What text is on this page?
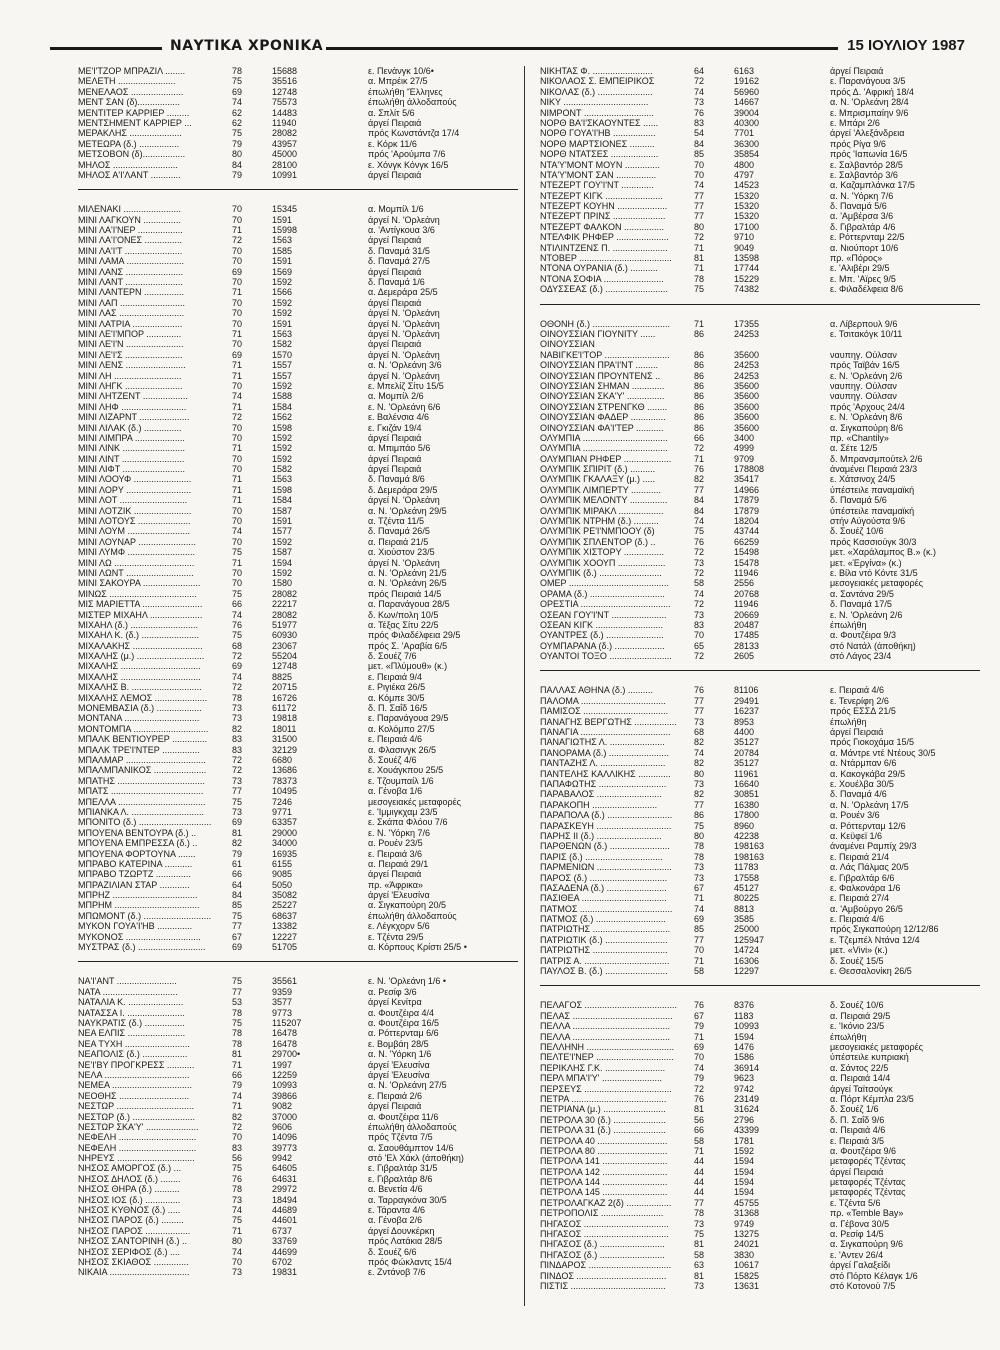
ΝΑΥΤΙΚΑ ΧΡΟΝΙΚΑ	15 ΙΟΥΛΙΟΥ 1987
ΜΕ'Ι'ΤΖΟΡ ΜΠΡΑΖΙΛ ........	78	15688	ε. Πενάνγκ 10/6•
ΜΕΛΕΤΗ .......................	75	35516	α. Μπρέικ 27/5
ΜΕΝΕΛΑΟΣ .....................	69	12748	έπωλήθη 'Έλληνες
ΜΕΝΤ ΣΑΝ (δ).................	74	75573	έπωλήθη άλλοδαπούς
ΜΕΝΤΙΤΕΡ ΚΑΡΡΙΕΡ .........	62	14483	α. Σπλίτ 5/6
ΜΕΝΤΣΗΜΕΝΤ ΚΑΡΡΙΕΡ ...	62	11940	άργεί Πειραιά
ΜΕΡΑΚΛΗΣ .....................	75	28082	πρός Κωνστάντζα 17/4
ΜΕΤΕΩΡΑ (δ.) ................	79	43957	ε. Κόρκ 11/6
ΜΕΤΣΟΒΟΝ (δ).................	80	45000	πρός 'Αρούμπα 7/6
ΜΗΛΟΣ ..........................	84	28100	ε. Χόνγκ Κόνγκ 16/5
ΜΗΛΟΣ Α'Ι'ΛΑΝΤ ............	79	10991	άργεί Πειραιά
ΜΙΛΕΝΑΚΙ .......................	70	15345	α. Μομπίλ 1/6
ΜΙΝΙ ΛΑΓΚΟΥΝ ...............	70	1591	άργεί Ν. 'Ορλεάνη
ΜΙΝΙ ΛΑ'Ι'ΝΕΡ ..................	71	15998	α. 'Αντίγκουα 3/6
ΜΙΝΙ ΛΑ'Ι'ΟΝΕΣ ...............	72	1563	άργεί Πειραιά
ΜΙΝΙ ΛΑ'Ι'Τ .......................	70	1585	δ. Παναμά 31/5
ΜΙΝΙ ΛΑΜΑ .......................	70	1591	δ. Παναμά 27/5
ΜΙΝΙ ΛΑΝΣ .......................	69	1569	άργεί Πειραιά
ΜΙΝΙ ΛΑΝΤ .......................	70	1592	δ. Παναμά 1/6
ΜΙΝΙ ΛΑΝΤΕΡΝ ................	71	1566	α. Δεμεράρα 25/5
ΜΙΝΙ ΛΑΠ ..........................	70	1592	άργεί Πειραιά
ΜΙΝΙ ΛΑΣ ..........................	70	1592	άργεί Ν. 'Ορλεάνη
ΜΙΝΙ ΛΑΤΡΙΑ ....................	70	1591	άργεί Ν. 'Ορλεάνη
ΜΙΝΙ ΛΕ'Ι'ΜΠΟΡ ..............	71	1563	άργεί Ν. 'Ορλεάνη
ΜΙΝΙ ΛΕ'Ι'Ν .......................	70	1582	άργεί Πειραιά
ΜΙΝΙ ΛΕ'Ι'Σ .......................	69	1570	άργεί Ν. 'Ορλεάνη
ΜΙΝΙ ΛΕΝΣ ........................	71	1557	α. Ν. 'Ορλεάνη 3/6
ΜΙΝΙ ΛΗ ...........................	71	1557	άργεί Ν. 'Ορλεάνη
ΜΙΝΙ ΛΗΓΚ .......................	70	1592	ε. Μπελίζ Σίτυ 15/5
ΜΙΝΙ ΛΗΤΖΕΝΤ ..................	74	1588	α. Μομπίλ 2/6
ΜΙΝΙ ΛΗΦ ..........................	71	1584	ε. Ν. 'Ορλεάνη 6/6
ΜΙΝΙ ΛΙΖΑΡΝΤ ....................	72	1562	ε. Βαλένσια 4/6
ΜΙΝΙ ΛΙΛΑΚ (δ.) ...............	70	1598	ε. Γκιζάν 19/4
ΜΙΝΙ ΛΙΜΠΡΑ ....................	70	1592	άργεί Πειραιά
ΜΙΝΙ ΛΙΝΚ .........................	71	1592	α. Μπιμπάο 5/6
ΜΙΝΙ ΛΙΝΤ .........................	70	1592	άργεί Πειραιά
ΜΙΝΙ ΛΙΦΤ .........................	70	1582	άργεί Πειραιά
ΜΙΝΙ ΛΟΟΥΦ .......................	71	1563	δ. Παναμά 8/6
ΜΙΝΙ ΛΟΡΥ ..........................	71	1598	δ. Δεμεράρα 29/5
ΜΙΝΙ ΛΟΤ ...........................	71	1584	άργεί Ν. 'Ορλεάνη
ΜΙΝΙ ΛΟΤΖΙΚ .......................	70	1587	α. Ν. 'Ορλεάνη 29/5
ΜΙΝΙ ΛΟΤΟΥΣ .....................	70	1591	α. Τζέντα 11/5
ΜΙΝΙ ΛΟΥΜ .........................	74	1577	δ. Παναμά 26/5
ΜΙΝΙ ΛΟΥΝΑΡ .......................	70	1592	α. Πειραιά 21/5
ΜΙΝΙ ΛΥΜΦ ...........................	75	1587	α. Χιούστον 23/5
ΜΙΝΙ ΛΩ ................................	71	1594	άργεί Ν. 'Ορλεάνη
ΜΙΝΙ ΛΩΝΤ ...........................	70	1592	α. Ν. 'Ορλεάνη 21/5
ΜΙΝΙ ΣΑΚΟΥΡΑ .......................	70	1580	α. Ν. 'Ορλεάνη 26/5
ΜΙΝΩΣ ...................................	75	28082	πρός Πειραιά 14/5
ΜΙΣ ΜΑΡΙΕΤΤΑ ........................	66	22217	α. Παρανάγουα 28/5
ΜΙΣΤΕΡ ΜΙΧΑΗΛ .....................	74	28082	δ. Κων/πολη 10/5
ΜΙΧΑΗΛ (δ.) ...........................	76	51977	α. Τέξας Σίτυ 22/5
ΜΙΧΑΗΛ Κ. (δ.) .......................	75	60930	πρός Φιλαδέλφεια 29/5
ΜΙΧΑΛΑΚΗΣ ............................	68	23067	πρός Σ. 'Αραβία 6/5
ΜΙΧΑΛΗΣ (μ.) ...........................	72	55204	δ. Σουέζ 7/6
ΜΙΧΑΛΗΣ ................................	69	12748	μετ. «Πλύμουθ» (κ.)
ΜΙΧΑΛΗΣ ................................	74	8825	ε. Πειραιά 9/4
ΜΙΧΑΛΗΣ Β. ............................	72	20715	ε. Ριγιέκα 26/5
ΜΙΧΑΛΗΣ ΛΕΜΟΣ .....................	78	16726	α. Κόμπε 30/5
ΜΟΝΕΜΒΑΣΙΑ (δ.) ..................	73	61172	δ. Π. Σαΐδ 16/5
ΜΟΝΤΑΝΑ ..............................	73	19818	ε. Παρανάγουα 29/5
ΜΟΝΤΟΜΠΑ ..............................	82	18011	α. Κολόμπο 27/5
ΜΠΑΛΚ ΒΕΝΤΙΟΥΡΕΡ ..............	83	31500	ε. Πειραιά 4/6
ΜΠΑΛΚ ΤΡΕ'Ι'ΝΤΕΡ ...............	83	32129	α. Φλασινγκ 26/5
ΜΠΑΛΜΑΡ ................................	72	6680	δ. Σουέζ 4/6
ΜΠΑΛΜΠΑΝΙΚΟΣ .....................	72	13686	ε. Χουάγκπου 25/5
ΜΠΑΤΗΣ ...................................	73	78373	ε. Τζουμπαίλ 1/6
ΜΠΑΤΣ .....................................	77	10495	α. Γένοβα 1/6
ΜΠΕΛΛΑ ...................................	75	7246	μεσογειακές μεταφορές
ΜΠΙΑΝΚΑ Λ. .............................	73	9771	ε. 'Ιμμιγκχαμ 23/5
ΜΠΟΝΙΤΟ (δ.) .............................	69	63357	ε. Σκάπα Φλόου 7/6
ΜΠΟΥΕΝΑ ΒΕΝΤΟΥΡΑ (δ.) ..	81	29000	ε. Ν. 'Υόρκη 7/6
ΜΠΟΥΕΝΑ ΕΜΠΡΕΣΣΑ (δ.) ..	82	34000	α. Ρουέν 23/5
ΜΠΟΥΕΝΑ ΦΟΡΤΟΥΝΑ .......	79	16935	ε. Πειραιά 3/6
ΜΠΡΑΒΟ ΚΑΤΕΡΙΝΑ ...........	61	6155	α. Πειραιά 29/1
ΜΠΡΑΒΟ ΤΖΩΡΤΖ ..............	66	9085	άργεί Πειραιά
ΜΠΡΑΖΙΛΙΑΝ ΣΤΑΡ ............	64	5050	πρ. «Άφρικα»
ΜΠΡΗΖ ..................................	84	35082	άργεί 'Ελευσίνα
ΜΠΡΗΜ ..................................	85	25227	α. Σιγκαπούρη 20/5
ΜΠΩΜΟΝΤ (δ.) ...........................	75	68637	έπωλήθη άλλοδαπούς
ΜΥΚΟΝ ΓΟΥΑ'Ι'ΗΒ ..............	77	13382	ε. Λέγκχορν 5/6
ΜΥΚΟΝΟΣ ..............................	67	12227	ε. Τζέντα 29/5
ΜΥΣΤΡΑΣ (δ.) ...........................	69	51705	α. Κόρπους Κρίστι 25/5 •
ΝΑ'Ι'ΑΝΤ ........................	75	35561	ε. Ν. 'Ορλεάνη 1/6 •
ΝΑΤΑ ..............................	77	9359	α. Ρεσίφ 3/6
ΝΑΤΑΛΙΑ Κ. ......................	53	3577	άργεί Κενίτρα
ΝΑΤΑΣΣΑ Ι. .......................	78	9773	α. Φουτζέιρα 4/4
ΝΑΥΚΡΑΤΙΣ (δ.) ................	75	115207	α. Φουτζέιρα 16/5
ΝΕΑ ΕΛΠΙΣ .......................	78	16478	α. Ρόττερνταμ 6/6
ΝΕΑ ΤΥΧΗ ..........................	78	16478	ε. Βομβάη 28/5
ΝΕΑΠΟΛΙΣ (δ.) ..................	81	29700•	α. Ν. 'Υόρκη 1/6
ΝΕ'Ι'ΒΥ ΠΡΟΓΚΡΕΣΣ ...........	71	1997	άργεί 'Ελευσίνα
ΝΕΛΑ ..................................	66	12259	άργεί 'Ελευσίνα
ΝΕΜΕΑ ................................	79	10993	α. Ν. 'Ορλεάνη 27/5
ΝΕΟΘΗΣ ............................	74	39866	ε. Πειραιά 2/6
ΝΕΣΤΩΡ ...............................	71	9082	άργεί Πειραιά
ΝΕΣΤΩΡ (δ.) .........................	82	37000	α. Φουτζέιρα 11/6
ΝΕΣΤΩΡ ΣΚΑ'Υ' .....................	72	9606	έπωλήθη άλλοδαπούς
ΝΕΦΕΛΗ ...............................	70	14096	πρός Τζέντα 7/5
ΝΕΦΕΛΗ ...............................	83	39773	α. Σαουθάμπτον 14/6
ΝΗΡΕΥΣ ...............................	56	9942	στό 'Ελ Χάκλ (άποθήκη)
ΝΗΣΟΣ ΑΜΟΡΓΟΣ (δ.) ...	75	64605	ε. Γιβραλτάρ 31/5
ΝΗΣΟΣ ΔΗΛΟΣ (δ.) ........	76	64631	ε. Γιβραλτάρ 8/6
ΝΗΣΟΣ ΘΗΡΑ (δ.) ..........	78	29972	α. Βενετία 4/6
ΝΗΣΟΣ ΙΟΣ (δ.) ..............	73	18494	α. Ταρραγκόνα 30/5
ΝΗΣΟΣ ΚΥΘΝΟΣ (δ.) .....	74	44689	ε. Τάραντα 4/6
ΝΗΣΟΣ ΠΑΡΟΣ (δ.) .........	75	44601	α. Γένοβα 2/6
ΝΗΣΟΣ ΠΑΡΟΣ ..................	71	6737	άργεί Δουνκέρκη
ΝΗΣΟΣ ΣΑΝΤΟΡΙΝΗ (δ.) ..	80	33769	πρός Λατάκια 28/5
ΝΗΣΟΣ ΣΕΡΙΦΟΣ (δ.) ....	74	44699	δ. Σουέζ 6/6
ΝΗΣΟΣ ΣΚΙΑΘΟΣ ..............	70	6702	πρός Φώκλαντς 15/4
ΝΙΚΑΙΑ ................................	73	19831	ε. Ζντάνοβ 7/6
ΝΙΚΗΤΑΣ Φ. ........................	64	6163	άργεί Πειραιά
ΝΙΚΟΛΑΟΣ Σ. ΕΜΠΕΙΡΙΚΟΣ	72	19162	ε. Παρανάγουα 3/5
ΝΙΚΟΛΑΣ (δ.) ......................	74	56960	πρός Δ. 'Αφρική 18/4
ΝΙΚΥ ..................................	73	14667	α. Ν. 'Ορλεάνη 28/4
ΝΙΜΡΟΝΤ ............................	76	39004	ε. Μπρισμπαίην 9/6
ΝΟΡΘ ΒΑ'Ι'ΣΚΑΟΥΝΤΕΣ ......	83	40300	ε. Μπάρι 2/6
ΝΟΡΘ ΓΟΥΑ'Ι'ΗΒ .................	54	7701	άργεί 'Αλεξάνδρεια
ΝΟΡΘ ΜΑΡΤΣΙΟΝΕΣ ..........	84	36300	πρός Ρίγα 9/6
ΝΟΡΘ ΝΤΑΤΣΕΣ ...................	85	35854	πρός 'Ιαπωνία 16/5
ΝΤΑ'Υ'ΜΟΝΤ ΜΟΥΝ ..............	70	4800	ε. Σαλβαντόρ 28/5
ΝΤΑ'Υ'ΜΟΝΤ ΣΑΝ ................	70	4797	ε. Σαλβαντόρ 3/6
ΝΤΕΖΕΡΤ ΓΟΥ'Ι'ΝΤ .............	74	14523	α. Καζαμπλάνκα 17/5
ΝΤΕΖΕΡΤ ΚΙΓΚ .......................	77	15320	α. Ν. 'Υόρκη 7/6
ΝΤΕΖΕΡΤ ΚΟΥΗΝ ....................	77	15320	δ. Παναμά 5/6
ΝΤΕΖΕΡΤ ΠΡΙΝΣ .....................	77	15320	α. 'Αμβέρσα 3/6
ΝΤΕΖΕΡΤ ΦΑΛΚΟΝ ................	80	17100	δ. Γιβραλτάρ 4/6
ΝΤΕΛΦΙΚ ΡΗΦΕΡ .....................	72	9710	ε. Ρόττερνταμ 22/5
ΝΤΙΛΙΝΤΖΕΝΣ Π. ......................	71	9049	α. Νιούπορτ 10/6
ΝΤΟΒΕΡ .....................................	81	13598	πρ. «Πόρος»
ΝΤΟΝΑ ΟΥΡΑΝΙΑ (δ.) ...........	71	17744	ε. 'Αλιβέρι 29/5
ΝΤΟΝΑ ΣΟΦΙΑ ........................	78	15229	ε. Μπ. 'Αϊρες 9/5
ΟΔΥΣΣΕΑΣ (δ.) .........................	75	74382	ε. Φιλαδέλφεια 8/6
ΟΘΟΝΗ (δ.) ...............................	71	17355	α. Λίβερπουλ 9/6
ΟΙΝΟΥΣΣΙΑΝ ΓΙΟΥΝΙΤΥ ......	86	24253	ε. Τσιτακόγκ 10/11
ΟΙΝΟΥΣΣΙΑΝ
ΝΑΒΙΓΚΕ'Ι'ΤΟΡ ..........................	86	35600	ναυπηγ. Ούλσαν
ΟΙΝΟΥΣΣΙΑΝ ΠΡΑ'Ι'ΝΤ .........	86	24253	πρός Ταϊβάν 16/5
ΟΙΝΟΥΣΣΙΑΝ ΠΡΟΥΝΤΕΝΣ ..	86	24253	ε. Ν. 'Ορλεάνη 2/6
ΟΙΝΟΥΣΣΙΑΝ ΣΗΜΑΝ .............	86	35600	ναυπηγ. Ούλσαν
ΟΙΝΟΥΣΣΙΑΝ ΣΚΑ'Υ' ...............	86	35600	ναυπηγ. Ούλσαν
ΟΙΝΟΥΣΣΙΑΝ ΣΤΡΕΝΓΚΘ ........	86	35600	πρός 'Αρχους 24/4
ΟΙΝΟΥΣΣΙΑΝ ΦΑΔΕΡ ..............	86	35600	ε. Ν. 'Ορλεάνη 8/6
ΟΙΝΟΥΣΣΙΑΝ ΦΑ'Ι'ΤΕΡ ...........	86	35600	α. Σιγκαπούρη 8/6
ΟΛΥΜΠΙΑ ..................................	66	3400	πρ. «Chantily»
ΟΛΥΜΠΙΑ ..................................	72	4999	α. Σέτε 12/5
ΟΛΥΜΠΙΑΝ ΡΗΦΕΡ ...................	71	9709	δ. Μπρανσμπούτελ 2/6
ΟΛΥΜΠΙΚ ΣΠΙΡΙΤ (δ.) ..........	76	178808	άναμένει Πειραιά 23/3
ΟΛΥΜΠΙΚ ΓΚΑΛΑΞΥ (μ.) .....	82	35417	ε. Χάτσινοχ 24/5
ΟΛΥΜΠΙΚ ΛΙΜΠΕΡΤΥ ............	77	14966	ύπέστειλε παναμαϊκή
ΟΛΥΜΠΙΚ ΜΕΛΟΝΤΥ ...............	84	17879	δ. Παναμά 5/6
ΟΛΥΜΠΙΚ ΜΙΡΑΚΛ ..................	84	17879	ύπέστειλε παναμαϊκή
ΟΛΥΜΠΙΚ ΝΤΡΗΜ (δ.) ..........	74	18204	στήν Αύγούστα 9/6
ΟΛΥΜΠΙΚ ΡΕ'Ι'ΝΜΠΟΟΥ (δ)	75	43744	δ. Σουέζ 10/6
ΟΛΥΜΠΙΚ ΣΠΛΕΝΤΟΡ (δ.) ..	76	66259	πρός Κασσιούγκ 30/3
ΟΛΥΜΠΙΚ ΧΙΣΤΟΡΥ ................	72	15498	μετ. «Χαράλαμπος Β.» (κ.)
ΟΛΥΜΠΙΚ ΧΟΟΥΠ ...................	73	15478	μετ. «Έργίνα» (κ.)
ΟΛΥΜΠΙΚ (δ.) .........................	72	11946	ε. Βίλα ντό Κόντε 31/5
ΟΜΕΡ ........................................	58	2556	μεσογειακές μεταφορές
ΟΡΑΜΑ (δ.) ..............................	74	20768	α. Σαντάνα 29/5
ΟΡΕΣΤΙΑ ....................................	72	11946	δ. Παναμά 17/5
ΟΣΕΑΝ ΓΟΥ'Ι'ΝΤ ......................	73	20669	ε. Ν. 'Ορλεάνη 2/6
ΟΣΕΑΝ ΚΙΓΚ ...........................	83	20487	έπωλήθη
ΟΥΑΝΤΡΕΣ (δ.) .......................	70	17485	α. Φουτζέιρα 9/3
ΟΥΜΠΑΡΑΝΑ (δ.) ....................	65	28133	στό Νατάλ (άποθήκη)
ΟΥΑΝΤΟΙ ΤΟΞΟ .........................	72	2605	στό Λάγος 23/4
ΠΑΛΛΑΣ ΑΘΗΝΑ (δ.) ..........	76	81106	ε. Πειραιά 4/6
ΠΑΛΟΜΑ ..................................	77	29491	ε. Τενερίφη 2/6
ΠΑΜΙΣΟΣ ..................................	77	16237	πρός ΕΣΣΔ 21/5
ΠΑΝΑΓΗΣ ΒΕΡΓΩΤΗΣ .................	73	8953	έπωλήθη
ΠΑΝΑΓΙΑ ....................................	68	4400	άργεί Πειραιά
ΠΑΝΑΓΙΩΤΗΣ Λ. ......................	82	35127	πρός Γιοκοχάμα 15/5
ΠΑΝΟΡΑΜΑ (δ.) ........................	74	20784	α. Μάντρε ντέ Ντέους 30/5
ΠΑΝΤΑΖΗΣ Λ. ..........................	82	35127	α. Ντάρμπαν 6/6
ΠΑΝΤΕΛΗΣ ΚΑΛΛΙΚΗΣ .............	80	11961	α. Κακογκάβα 29/5
ΠΑΠΑΦΩΤΗΣ ...........................	73	16640	ε. Χουέλβα 30/5
ΠΑΡΑΒΑΛΟΣ ..........................	82	30851	δ. Παναμά 4/6
ΠΑΡΑΚΟΠΗ ..........................	77	16380	α. Ν. 'Ορλεάνη 17/5
ΠΑΡΑΠΟΛΑ (δ.) ..........................	86	17800	α. Ρουέν 3/6
ΠΑΡΑΣΚΕΥΗ ..............................	75	8960	α. Ρόττερνταμ 12/6
ΠΑΡΗΣ ΙΙ (δ.) ..........................	80	42238	α. Κεϋφεϊ 1/6
ΠΑΡΘΕΝΩΝ (δ.) ........................	78	198163	άναμένει Ραμπίχ 29/3
ΠΑΡΙΣ (δ.) ...............................	78	198163	ε. Πειραιά 21/4
ΠΑΡΜΕΝΙΩΝ ..............................	73	11783	α. Λάς Πάλμας 20/5
ΠΑΡΟΣ (δ.) ...............................	73	17558	ε. Γιβραλτάρ 6/6
ΠΑΣΑΔΕΝΑ (δ.) ........................	67	45127	ε. Φαλκονάρα 1/6
ΠΑΣΙΘΕΑ ..................................	71	80225	ε. Πειραιά 27/4
ΠΑΤΜΟΣ .....................................	74	8813	α. 'Αμβούργο 26/5
ΠΑΤΜΟΣ (δ.) ............................	69	3585	ε. Πειραιά 4/6
ΠΑΤΡΙΩΤΗΣ ...............................	85	25000	πρός Σιγκαπούρη 12/12/86
ΠΑΤΡΙΩΤΙΚ (δ.) .........................	77	125947	ε. Τζεμπέλ Ντάνα 12/4
ΠΑΤΡΙΩΤΗΣ ..............................	70	14724	μετ. «Vivi» (κ.)
ΠΑΤΡΙΣ Α. ..................................	71	16306	δ. Σουέζ 15/5
ΠΑΥΛΟΣ Β. (δ.) .........................	58	12297	ε. Θεσσαλονίκη 26/5
ΠΕΛΑΓΟΣ .....................................	76	8376	δ. Σουέζ 10/6
ΠΕΛΑΣ ........................................	67	1183	α. Πειραιά 29/5
ΠΕΛΛΑ .......................................	79	10993	ε. 'Ικόνιο 23/5
ΠΕΛΛΑ .......................................	71	1594	έπωλήθη
ΠΕΛΛΗΝΗ ...................................	69	1476	μεσογειακές μεταφορές
ΠΕΛΤΕ'Ι'ΝΕΡ ...............................	70	1586	ύπέστειλε κυπριακή
ΠΕΡΙΚΛΗΣ Γ.Κ. ........................	74	36914	α. Σάντος 22/5
ΠΕΡΛ ΜΠΑ'Ι'Υ' ........................	79	9623	α. Πειραιά 14/4
ΠΕΡΣΕΥΣ ...................................	72	9742	άργεί Ταϊτσούγκ
ΠΕΤΡΑ ......................................	76	23149	α. Πόρτ Κέμπλα 23/5
ΠΕΤΡΙΑΝΑ (μ.) .........................	81	31624	δ. Σουέζ 1/6
ΠΕΤΡΟΛΑ 30 (δ.) .....................	56	2796	δ. Π. Σαΐδ 9/6
ΠΕΤΡΟΛΑ 31 (δ.) .....................	66	43399	α. Πειραιά 4/6
ΠΕΤΡΟΛΑ 40 ............................	58	1781	ε. Πειραιά 3/5
ΠΕΤΡΟΛΑ 80 ............................	71	1592	α. Φουτζέιρα 9/6
ΠΕΤΡΟΛΑ 141 ..........................	44	1594	μεταφορές Τζέντας
ΠΕΤΡΟΛΑ 142 ..........................	44	1594	άργεί Πειραιά
ΠΕΤΡΟΛΑ 144 ..........................	44	1594	μεταφορές Τζέντας
ΠΕΤΡΟΛΑ 145 ..........................	44	1594	μεταφορές Τζέντας
ΠΕΤΡΟΛΑΓΚΑΖ 2(δ) ..................	77	45755	ε. Τζέντα 5/6
ΠΕΤΡΟΠΟΛΙΣ .........................	78	31368	πρ. «Temble Bay»
ΠΗΓΑΣΟΣ ..................................	73	9749	α. Γέβονα 30/5
ΠΗΓΑΣΟΣ ..................................	75	13275	α. Ρεσίφ 14/5
ΠΗΓΑΣΟΣ (δ.) ..........................	81	24021	α. Σιγκαπούρη 9/6
ΠΗΓΑΣΟΣ (δ.) ..........................	58	3830	ε. 'Αντεν 26/4
ΠΙΝΔΑΡΟΣ .................................	63	10617	άργεί Γαλαξείδι
ΠΙΝΔΟΣ ....................................	81	15825	στό Πόρτο Κέλαγκ 1/6
ΠΙΣΤΙΣ ......................................	73	13631	στό Κοτονού 7/5
